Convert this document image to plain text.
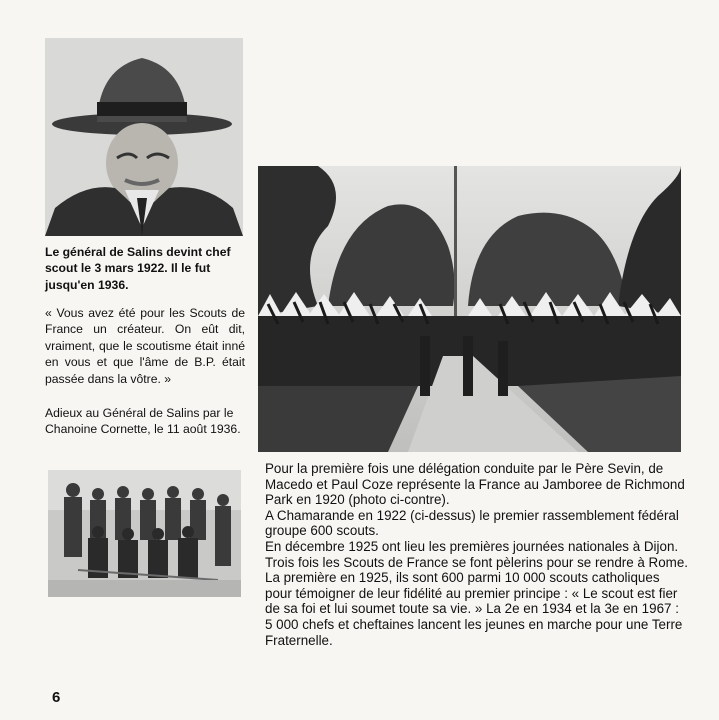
Le général de Salins devint chef scout le 3 mars 1922. Il le fut jusqu'en 1936.
« Vous avez été pour les Scouts de France un créateur. On eût dit, vraiment, que le scoutisme était inné en vous et que l'âme de B.P. était passée dans la vôtre. »
Adieux au Général de Salins par le Chanoine Cornette, le 11 août 1936.

Pour la première fois une délégation conduite par le Père Sevin, de Macedo et Paul Coze représente la France au Jamboree de Richmond Park en 1920 (photo ci-contre).

A Chamarande en 1922 (ci-dessus) le premier rassemblement fédéral groupe 600 scouts.

En décembre 1925 ont lieu les premières journées nationales à Dijon.

Trois fois les Scouts de France se font pèlerins pour se rendre à Rome. La première en 1925, ils sont 600 parmi 10 000 scouts catholiques pour témoigner de leur fidélité au premier principe : « Le scout est fier de sa foi et lui soumet toute sa vie. » La 2e en 1934 et la 3e en 1967 : 5 000 chefs et cheftaines lancent les jeunes en marche pour une Terre Fraternelle.

6
